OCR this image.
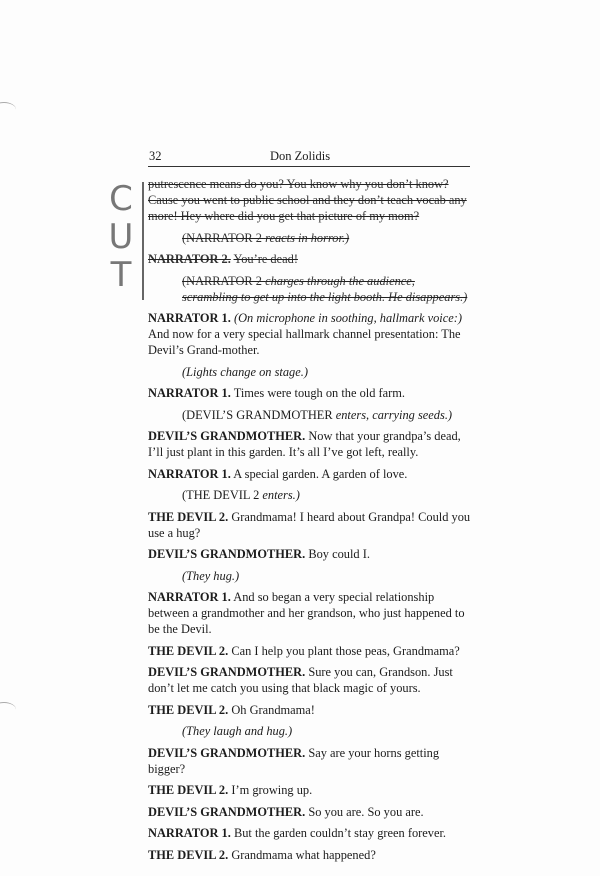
32	Don Zolidis
CUT
putrescence means do you? You know why you don’t know? Cause you went to public school and they don’t teach vocab any more! Hey where did you get that picture of my mom?
(NARRATOR 2 reacts in horror.)
NARRATOR 2. You’re dead!
(NARRATOR 2 charges through the audience, scrambling to get up into the light booth. He disappears.)
NARRATOR 1. (On microphone in soothing, hallmark voice:) And now for a very special hallmark channel presentation: The Devil’s Grand-mother.
(Lights change on stage.)
NARRATOR 1. Times were tough on the old farm.
(DEVIL’S GRANDMOTHER enters, carrying seeds.)
DEVIL’S GRANDMOTHER. Now that your grandpa’s dead, I’ll just plant in this garden. It’s all I’ve got left, really.
NARRATOR 1. A special garden. A garden of love.
(THE DEVIL 2 enters.)
THE DEVIL 2. Grandmama! I heard about Grandpa! Could you use a hug?
DEVIL’S GRANDMOTHER. Boy could I.
(They hug.)
NARRATOR 1. And so began a very special relationship between a grandmother and her grandson, who just happened to be the Devil.
THE DEVIL 2. Can I help you plant those peas, Grandmama?
DEVIL’S GRANDMOTHER. Sure you can, Grandson. Just don’t let me catch you using that black magic of yours.
THE DEVIL 2. Oh Grandmama!
(They laugh and hug.)
DEVIL’S GRANDMOTHER. Say are your horns getting bigger?
THE DEVIL 2. I’m growing up.
DEVIL’S GRANDMOTHER. So you are. So you are.
NARRATOR 1. But the garden couldn’t stay green forever.
THE DEVIL 2. Grandmama what happened?
